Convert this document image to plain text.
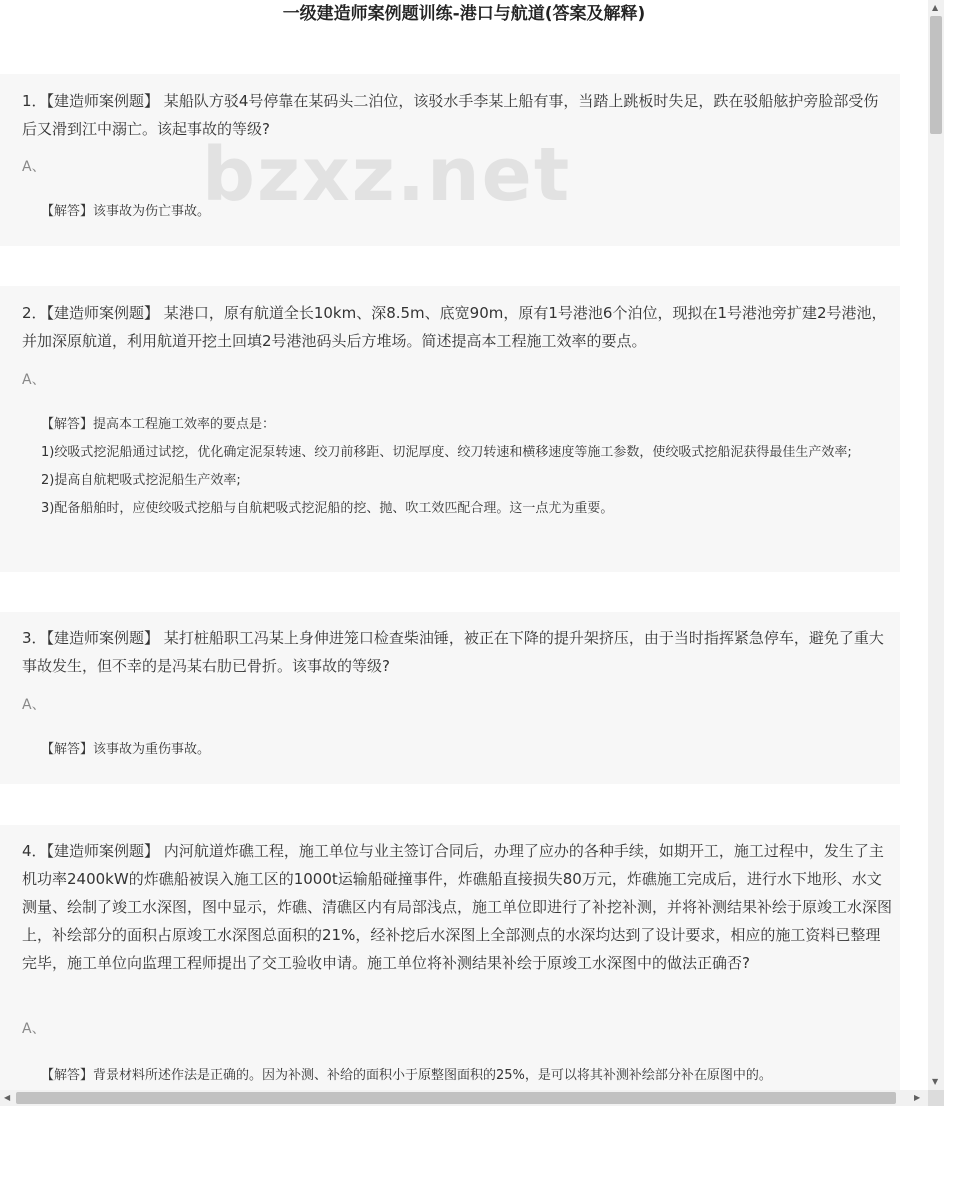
一级建造师案例题训练-港口与航道(答案及解释)

1．【建造师案例题】 某船队方驳4号停靠在某码头二泊位，该驳水手李某上船有事，当踏上跳板时失足，跌在驳船舷护旁脸部受伤后又滑到江中溺亡。该起事故的等级?

A、

【解答】该事故为伤亡事故。

bzxz.net

2．【建造师案例题】 某港口，原有航道全长10km、深8.5m、底宽90m，原有1号港池6个泊位，现拟在1号港池旁扩建2号港池，并加深原航道，利用航道开挖土回填2号港池码头后方堆场。简述提高本工程施工效率的要点。

A、

【解答】提高本工程施工效率的要点是：

1)绞吸式挖泥船通过试挖，优化确定泥泵转速、绞刀前移距、切泥厚度、绞刀转速和横移速度等施工参数，使绞吸式挖船泥获得最佳生产效率;

2)提高自航耙吸式挖泥船生产效率;

3)配备船舶时，应使绞吸式挖船与自航耙吸式挖泥船的挖、抛、吹工效匹配合理。这一点尤为重要。

3．【建造师案例题】 某打桩船职工冯某上身伸进笼口检查柴油锤，被正在下降的提升架挤压，由于当时指挥紧急停车，避免了重大事故发生，但不幸的是冯某右肋已骨折。该事故的等级?

A、

【解答】该事故为重伤事故。

4．【建造师案例题】 内河航道炸礁工程，施工单位与业主签订合同后，办理了应办的各种手续，如期开工，施工过程中，发生了主机功率2400kW的炸礁船被误入施工区的1000t运输船碰撞事件，炸礁船直接损失80万元，炸礁施工完成后，进行水下地形、水文测量、绘制了竣工水深图，图中显示，炸礁、清礁区内有局部浅点，施工单位即进行了补挖补测，并将补测结果补绘于原竣工水深图上，补绘部分的面积占原竣工水深图总面积的21%，经补挖后水深图上全部测点的水深均达到了设计要求，相应的施工资料已整理完毕，施工单位向监理工程师提出了交工验收申请。施工单位将补测结果补绘于原竣工水深图中的做法正确否?

A、

【解答】背景材料所述作法是正确的。因为补测、补给的面积小于原整图面积的25%，是可以将其补测补绘部分补在原图中的。

▲
▼
◀	▶
